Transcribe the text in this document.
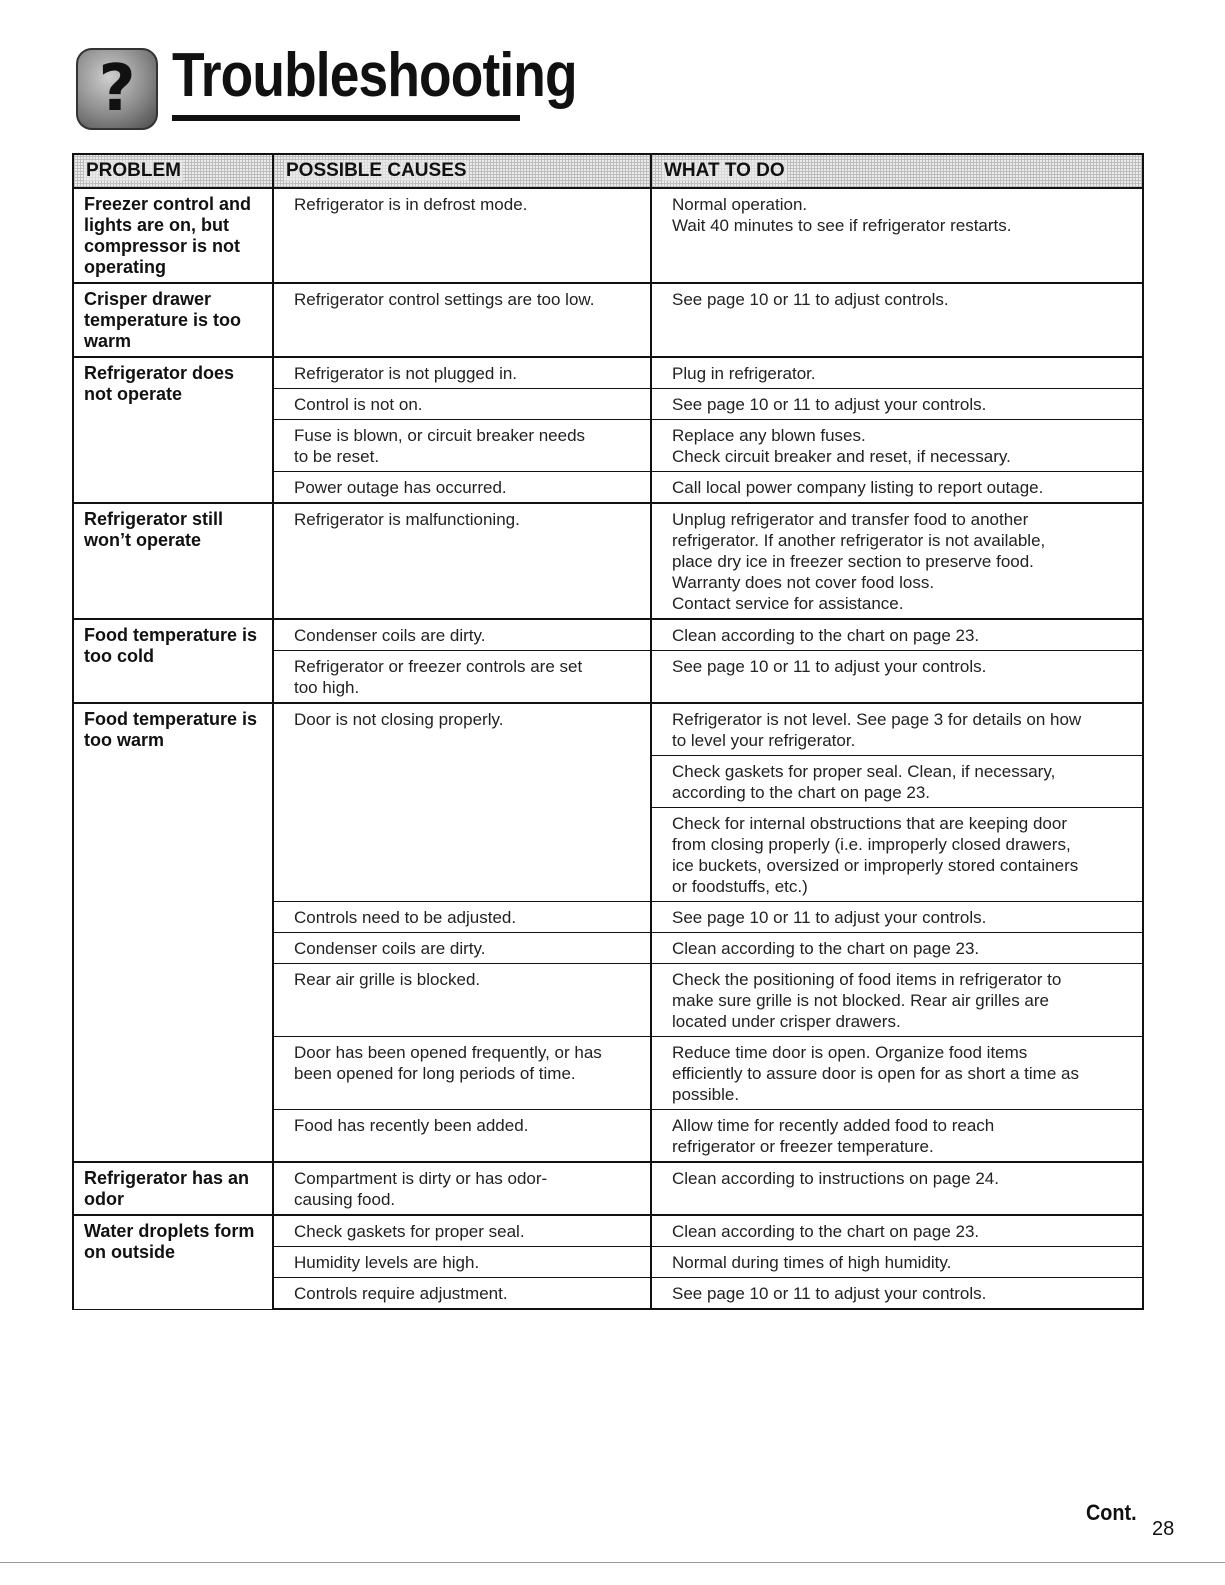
? Troubleshooting
PROBLEM	POSSIBLE CAUSES	WHAT TO DO
Freezer control and lights are on, but compressor is not operating	Refrigerator is in defrost mode.	Normal operation.
Wait 40 minutes to see if refrigerator restarts.

Crisper drawer temperature is too warm	Refrigerator control settings are too low.	See page 10 or 11 to adjust controls.

Refrigerator does not operate	Refrigerator is not plugged in.	Plug in refrigerator.

	Control is not on.	See page 10 or 11 to adjust your controls.

	Fuse is blown, or circuit breaker needs
to be reset.	Replace any blown fuses.
Check circuit breaker and reset, if necessary.

	Power outage has occurred.	Call local power company listing to report outage.

Refrigerator still won’t operate	Refrigerator is malfunctioning.	Unplug refrigerator and transfer food to another
refrigerator. If another refrigerator is not available,
place dry ice in freezer section to preserve food.
Warranty does not cover food loss.
Contact service for assistance.

Food temperature is too cold	Condenser coils are dirty.	Clean according to the chart on page 23.

	Refrigerator or freezer controls are set
too high.	See page 10 or 11 to adjust your controls.

Food temperature is too warm	Door is not closing properly.	Refrigerator is not level. See page 3 for details on how
to level your refrigerator.

		Check gaskets for proper seal. Clean, if necessary,
according to the chart on page 23.

		Check for internal obstructions that are keeping door
from closing properly (i.e. improperly closed drawers,
ice buckets, oversized or improperly stored containers
or foodstuffs, etc.)

	Controls need to be adjusted.	See page 10 or 11 to adjust your controls.

	Condenser coils are dirty.	Clean according to the chart on page 23.

	Rear air grille is blocked.	Check the positioning of food items in refrigerator to
make sure grille is not blocked. Rear air grilles are
located under crisper drawers.

	Door has been opened frequently, or has
been opened for long periods of time.	Reduce time door is open. Organize food items
efficiently to assure door is open for as short a time as
possible.

	Food has recently been added.	Allow time for recently added food to reach
refrigerator or freezer temperature.

Refrigerator has an odor	Compartment is dirty or has odor-
causing food.	Clean according to instructions on page 24.

Water droplets form on outside	Check gaskets for proper seal.	Clean according to the chart on page 23.

	Humidity levels are high.	Normal during times of high humidity.

	Controls require adjustment.	See page 10 or 11 to adjust your controls.
Cont.
28
